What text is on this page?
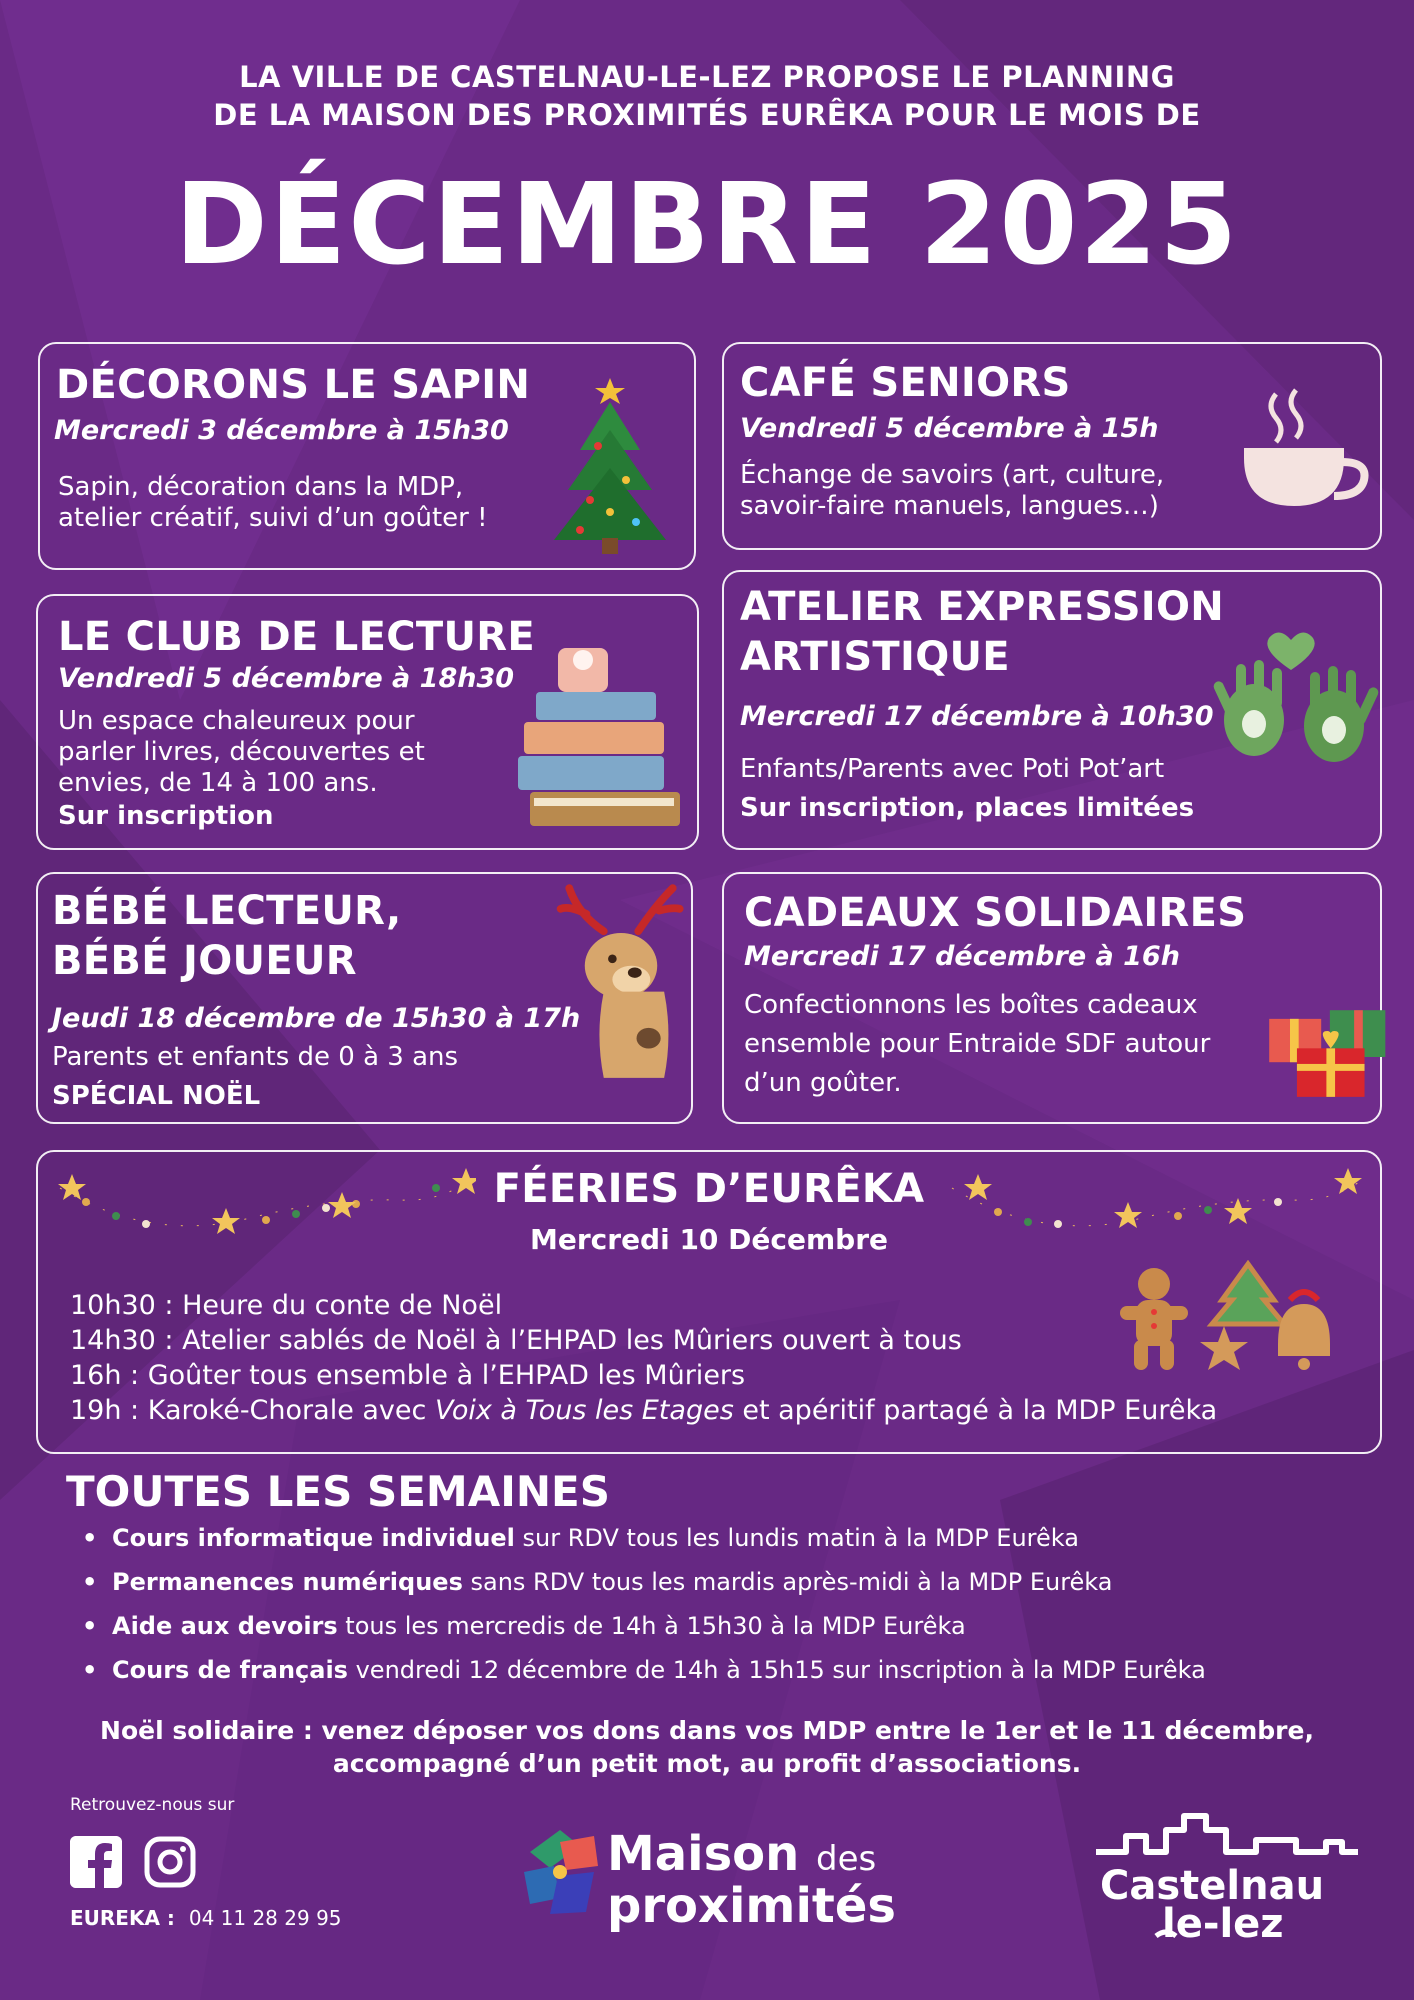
LA VILLE DE CASTELNAU-LE-LEZ PROPOSE LE PLANNING
DE LA MAISON DES PROXIMITÉS EURÊKA POUR LE MOIS DE
DÉCEMBRE 2025
DÉCORONS LE SAPIN
Mercredi 3 décembre à 15h30
Sapin, décoration dans la MDP,
atelier créatif, suivi d’un goûter !
CAFÉ SENIORS
Vendredi 5 décembre à 15h
Échange de savoirs (art, culture,
savoir-faire manuels, langues…)
LE CLUB DE LECTURE
Vendredi 5 décembre à 18h30
Un espace chaleureux pour
parler livres, découvertes et
envies, de 14 à 100 ans.
Sur inscription
ATELIER EXPRESSION
ARTISTIQUE
Mercredi 17 décembre à 10h30
Enfants/Parents avec Poti Pot’art
Sur inscription, places limitées
BÉBÉ LECTEUR,
BÉBÉ JOUEUR
Jeudi 18 décembre de 15h30 à 17h
Parents et enfants de 0 à 3 ans
SPÉCIAL NOËL
CADEAUX SOLIDAIRES
Mercredi 17 décembre à 16h
Confectionnons les boîtes cadeaux
ensemble pour Entraide SDF autour
d’un goûter.
FÉERIES D’EURÊKA
Mercredi 10 Décembre
10h30 : Heure du conte de Noël
14h30 : Atelier sablés de Noël à l’EHPAD les Mûriers ouvert à tous
16h : Goûter tous ensemble à l’EHPAD les Mûriers
19h : Karoké-Chorale avec Voix à Tous les Etages et apéritif partagé à la MDP Eurêka
TOUTES LES SEMAINES
• Cours informatique individuel sur RDV tous les lundis matin à la MDP Eurêka
• Permanences numériques sans RDV tous les mardis après-midi à la MDP Eurêka
• Aide aux devoirs tous les mercredis de 14h à 15h30 à la MDP Eurêka
• Cours de français vendredi 12 décembre de 14h à 15h15 sur inscription à la MDP Eurêka
Noël solidaire : venez déposer vos dons dans vos MDP entre le 1er et le 11 décembre,
accompagné d’un petit mot, au profit d’associations.
Retrouvez-nous sur
EUREKA : 04 11 28 29 95
Maison des
proximités	Castelnau
le-lez
